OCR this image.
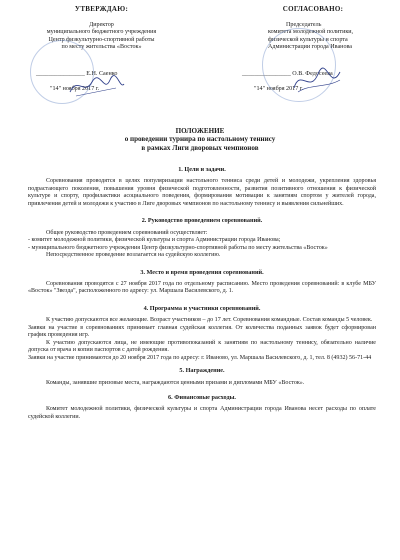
УТВЕРЖДАЮ:
Директор
муниципального бюджетного учреждения
Центр физкультурно-спортивной работы
по месту жительства «Восток»
________________ Е.Н. Саенко
"14" ноября 2017 г.
СОГЛАСОВАНО:
Председатель
комитета молодежной политики,
физической культуры и спорта
Администрации города Иванова
________________ О.В. Федосеева
"14" ноября 2017 г.
ПОЛОЖЕНИЕ
о проведении турнира по настольному теннису
в рамках Лиги дворовых чемпионов
1. Цели и задачи.

Соревнования проводятся в целях популяризации настольного тенниса среди детей и молодежи, укрепления здоровья подрастающего поколения, повышения уровня физической подготовленности, развития позитивного отношения к физической культуре и спорту, профилактики асоциального поведения, формирования мотивации к занятиям спортом у жителей города, привлечения детей и молодежи к участию в Лиге дворовых чемпионов по настольному теннису и выявления сильнейших.

2. Руководство проведением соревнований.

Общее руководство проведением соревнований осуществляет:

- комитет молодежной политики, физической культуры и спорта Администрации города Иванова;

- муниципального бюджетного учреждения Центр физкультурно-спортивной работы по месту жительства «Восток»

Непосредственное проведение возлагается на судейскую коллегию.

3. Место и время проведения соревнований.

Соревнования проводятся с 27 ноября 2017 года по отдельному расписанию. Место проведения соревнований: в клубе МБУ «Восток» "Звезда", расположенного по адресу: ул. Маршала Василевского, д. 1.

4. Программа и участники соревнований.

К участию допускаются все желающие. Возраст участников – до 17 лет. Соревнования командные. Состав команды 5 человек.

Заявки на участие в соревнованиях принимает главная судейская коллегия. От количества поданных заявок будет сформирован график проведения игр.

К участию допускаются лица, не имеющие противопоказаний к занятиям по настольному теннису, обязательно наличие допуска от врача и копии паспортов с датой рождения.

Заявки на участие принимаются до 20 ноября 2017 года по адресу: г. Иваново, ул. Маршала Василевского, д. 1, тел. 8 (4932) 56-71-44

5. Награждение.

Команды, занявшие призовые места, награждаются ценными призами и дипломами МБУ «Восток».

6. Финансовые расходы.

Комитет молодежной политики, физической культуры и спорта Администрации города Иванова несет расходы по оплате судейской коллегии.
